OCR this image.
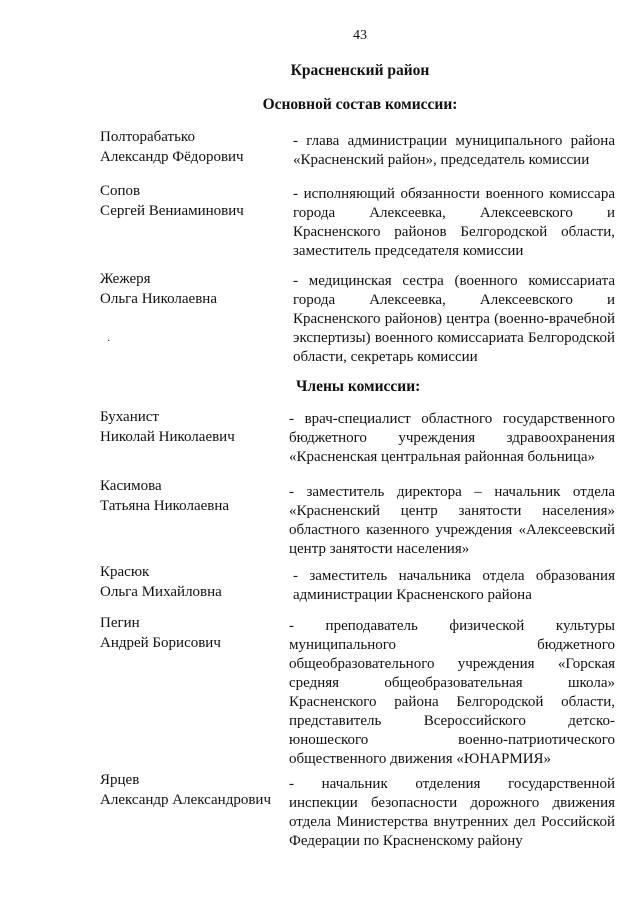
43
Красненский район
Основной состав комиссии:
Полторабатько
Александр Фёдорович
- глава администрации муниципального района «Красненский район», председатель комиссии
Сопов
Сергей Вениаминович
- исполняющий обязанности военного комиссара города Алексеевка, Алексеевского и Красненского районов Белгородской области, заместитель председателя комиссии
Жежеря
Ольга Николаевна
- медицинская сестра (военного комиссариата города Алексеевка, Алексеевского и Красненского районов) центра (военно-врачебной экспертизы) военного комиссариата Белгородской области, секретарь комиссии
·
Члены комиссии:
Буханист
Николай Николаевич
- врач-специалист областного государственного бюджетного учреждения здравоохранения «Красненская центральная районная больница»
Касимова
Татьяна Николаевна
- заместитель директора – начальник отдела «Красненский центр занятости населения» областного казенного учреждения «Алексеевский центр занятости населения»
Красюк
Ольга Михайловна
- заместитель начальника отдела образования администрации Красненского района
Пегин
Андрей Борисович
- преподаватель физической культуры муниципального бюджетного общеобразовательного учреждения «Горская средняя общеобразовательная школа» Красненского района Белгородской области, представитель Всероссийского детско-юношеского военно-патриотического общественного движения «ЮНАРМИЯ»
Ярцев
Александр Александрович
- начальник отделения государственной инспекции безопасности дорожного движения отдела Министерства внутренних дел Российской Федерации по Красненскому району
